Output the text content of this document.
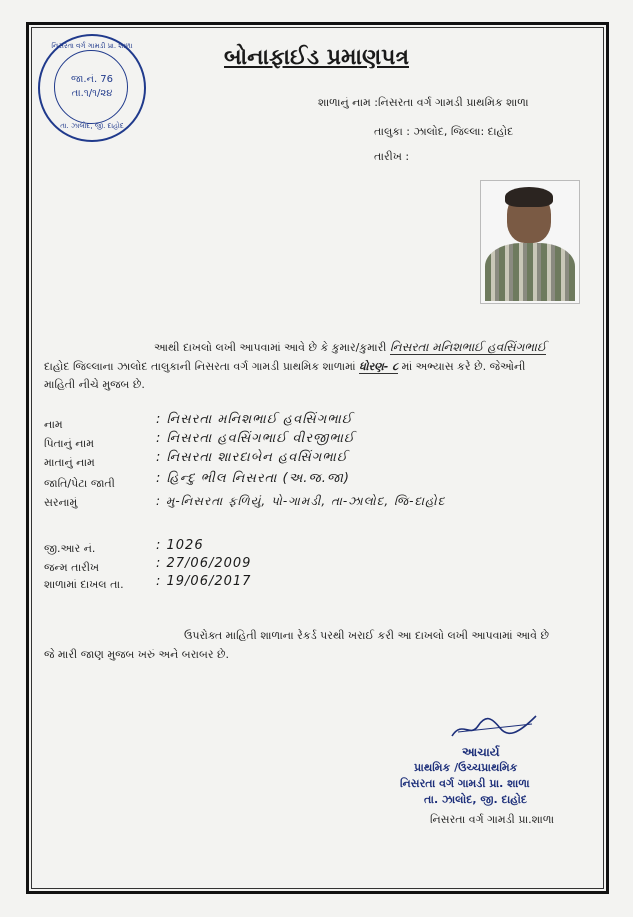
નિસરતા વર્ગ ગામડી પ્રા. શાળા
જા.નં. 76
તા.૧/૧/૨૪
તા. ઝાલોદ, જી. દાહોદ
બોનાફાઈડ પ્રમાણપત્ર
શાળાનું નામ :નિસરતા વર્ગ ગામડી પ્રાથમિક શાળા
તાલુકા : ઝાલોદ, જિલ્લા: દાહોદ
તારીખ :
આથી દાખલો લખી આપવામાં આવે છે કે કુમાર/કુમારી નિસરતા મનિશભાઈ હવસિંગભાઈ
દાહોદ જિલ્લાના ઝાલોદ તાલુકાની નિસરતા વર્ગ ગામડી પ્રાથમિક શાળામાં ધોરણ- ૮ માં અભ્યાસ કરે છે. જેઓની
માહિતી નીચે મુજબ છે.
નામ	: નિસરતા મનિશભાઈ હવસિંગભાઈ
પિતાનું નામ	: નિસરતા હવસિંગભાઈ વીરજીભાઈ
માતાનું નામ	: નિસરતા શારદાબેન હવસિંગભાઈ
જાતિ/પેટા જાતી	: હિન્દુ ભીલ નિસરતા (અ.જ.જા)
સરનામું	: મુ-નિસરતા ફળિયું, પો-ગામડી, તા-ઝાલોદ, જિ-દાહોદ
જી.આર નં.	: 1026
જન્મ તારીખ	: 27/06/2009
શાળામાં દાખલ તા. : 19/06/2017
ઉપરોક્ત માહિતી શાળાના રેકર્ડ પરથી ખરાઈ કરી આ દાખલો લખી આપવામાં આવે છે
જે મારી જાણ મુજબ ખરું અને બરાબર છે.
આચાર્ય
પ્રાથમિક /ઉચ્ચપ્રાથમિક
નિસરતા વર્ગ ગામડી પ્રા. શાળા
તા. ઝાલોદ, જી. દાહોદ
નિસરતા વર્ગ ગામડી પ્રા.શાળા
